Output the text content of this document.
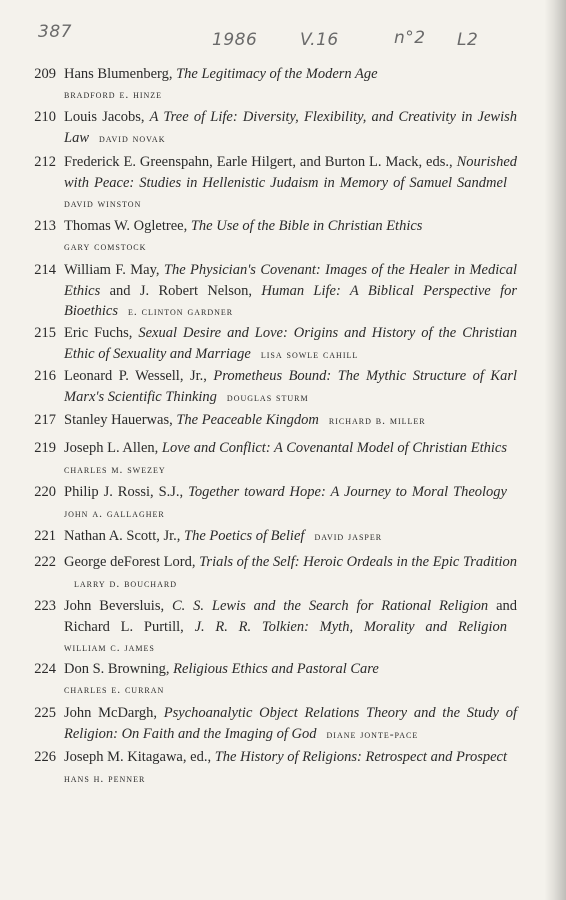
387	1986	V.16	n°2 L2
209 Hans Blumenberg, The Legitimacy of the Modern Age
bradford e. hinze
210 Louis Jacobs, A Tree of Life: Diversity, Flexibility, and Creativity in Jewish Law david novak
212 Frederick E. Greenspahn, Earle Hilgert, and Burton L. Mack, eds., Nourished with Peace: Studies in Hellenistic Judaism in Memory of Samuel Sandmeldavid winston
213 Thomas W. Ogletree, The Use of the Bible in Christian Ethics
gary comstock
214 William F. May, The Physician's Covenant: Images of the Healer in Medical Ethics and J. Robert Nelson, Human Life: A Biblical Perspective for Bioethics e. clinton gardner
215 Eric Fuchs, Sexual Desire and Love: Origins and History of the Christian Ethic of Sexuality and Marriage lisa sowle cahill
216 Leonard P. Wessell, Jr., Prometheus Bound: The Mythic Structure of Karl Marx's Scientific Thinking douglas sturm
217 Stanley Hauerwas, The Peaceable Kingdom richard b. miller
219 Joseph L. Allen, Love and Conflict: A Covenantal Model of Christian Ethicscharles m. swezey
220 Philip J. Rossi, S.J., Together toward Hope: A Journey to Moral Theologyjohn a. gallagher
221 Nathan A. Scott, Jr., The Poetics of Belief david jasper
222 George deForest Lord, Trials of the Self: Heroic Ordeals in the Epic Traditionlarry d. bouchard
223 John Beversluis, C. S. Lewis and the Search for Rational Religion and Richard L. Purtill, J. R. R. Tolkien: Myth, Morality and Religionwilliam c. james
224 Don S. Browning, Religious Ethics and Pastoral Care
charles e. curran
225 John McDargh, Psychoanalytic Object Relations Theory and the Study of Religion: On Faith and the Imaging of God diane jonte-pace
226 Joseph M. Kitagawa, ed., The History of Religions: Retrospect and Prospecthans h. penner
